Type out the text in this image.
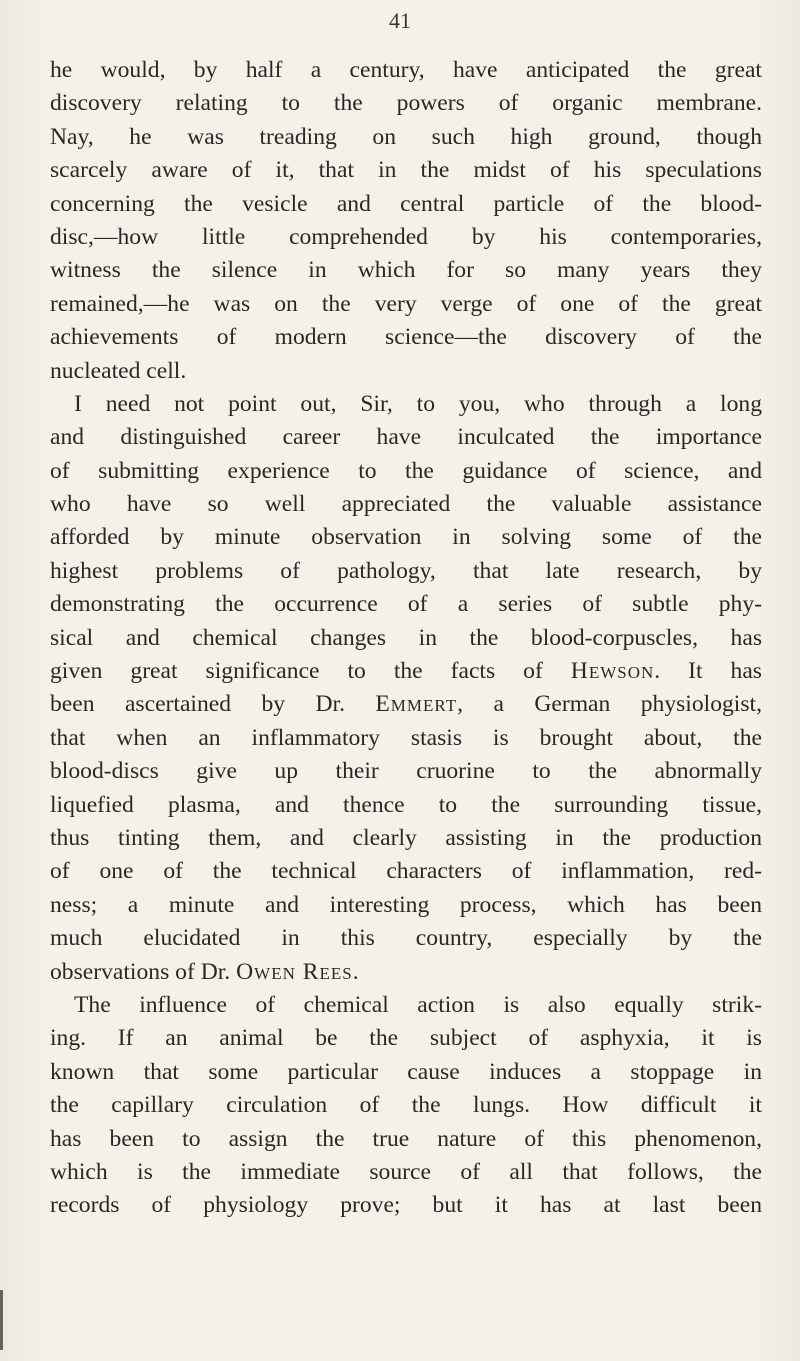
41
he would, by half a century, have anticipated the great
discovery relating to the powers of organic membrane.
Nay, he was treading on such high ground, though
scarcely aware of it, that in the midst of his speculations
concerning the vesicle and central particle of the blood-
disc,—how little comprehended by his contemporaries,
witness the silence in which for so many years they
remained,—he was on the very verge of one of the great
achievements of modern science—the discovery of the
nucleated cell.
I need not point out, Sir, to you, who through a long
and distinguished career have inculcated the importance
of submitting experience to the guidance of science, and
who have so well appreciated the valuable assistance
afforded by minute observation in solving some of the
highest problems of pathology, that late research, by
demonstrating the occurrence of a series of subtle phy-
sical and chemical changes in the blood-corpuscles, has
given great significance to the facts of Hewson. It has
been ascertained by Dr. Emmert, a German physiologist,
that when an inflammatory stasis is brought about, the
blood-discs give up their cruorine to the abnormally
liquefied plasma, and thence to the surrounding tissue,
thus tinting them, and clearly assisting in the production
of one of the technical characters of inflammation, red-
ness; a minute and interesting process, which has been
much elucidated in this country, especially by the
observations of Dr. Owen Rees.
The influence of chemical action is also equally strik-
ing. If an animal be the subject of asphyxia, it is
known that some particular cause induces a stoppage in
the capillary circulation of the lungs. How difficult it
has been to assign the true nature of this phenomenon,
which is the immediate source of all that follows, the
records of physiology prove; but it has at last been
